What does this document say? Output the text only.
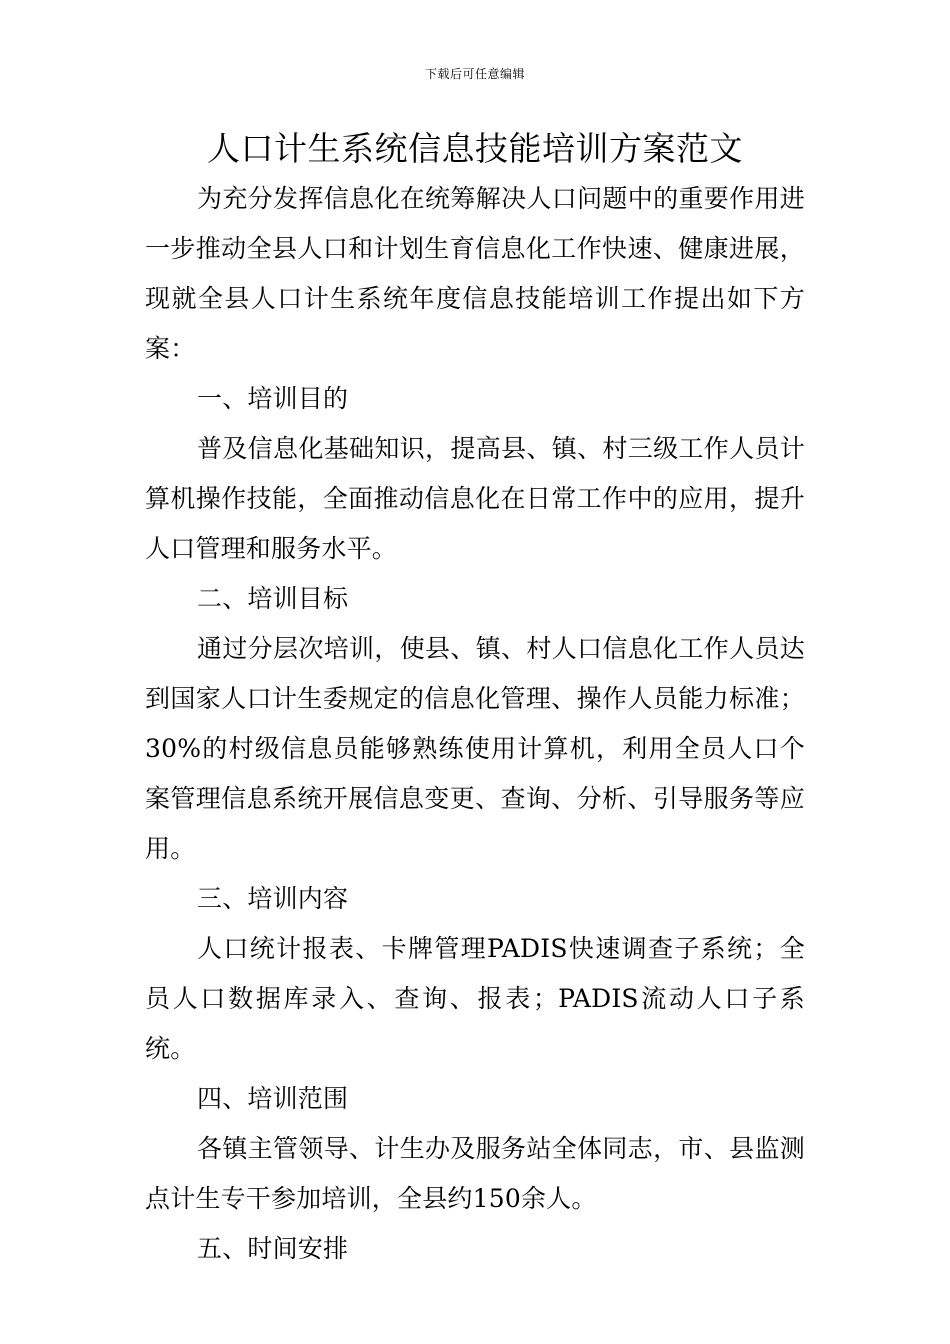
下载后可任意编辑
人口计生系统信息技能培训方案范文

为充分发挥信息化在统筹解决人口问题中的重要作用进一步推动全县人口和计划生育信息化工作快速、健康进展，现就全县人口计生系统年度信息技能培训工作提出如下方案：

一、培训目的

普及信息化基础知识，提高县、镇、村三级工作人员计算机操作技能，全面推动信息化在日常工作中的应用，提升人口管理和服务水平。

二、培训目标

通过分层次培训，使县、镇、村人口信息化工作人员达到国家人口计生委规定的信息化管理、操作人员能力标准；30%的村级信息员能够熟练使用计算机，利用全员人口个案管理信息系统开展信息变更、查询、分析、引导服务等应用。

三、培训内容

人口统计报表、卡牌管理PADIS快速调查子系统；全员人口数据库录入、查询、报表；PADIS流动人口子系统。

四、培训范围

各镇主管领导、计生办及服务站全体同志，市、县监测点计生专干参加培训，全县约150余人。

五、时间安排
